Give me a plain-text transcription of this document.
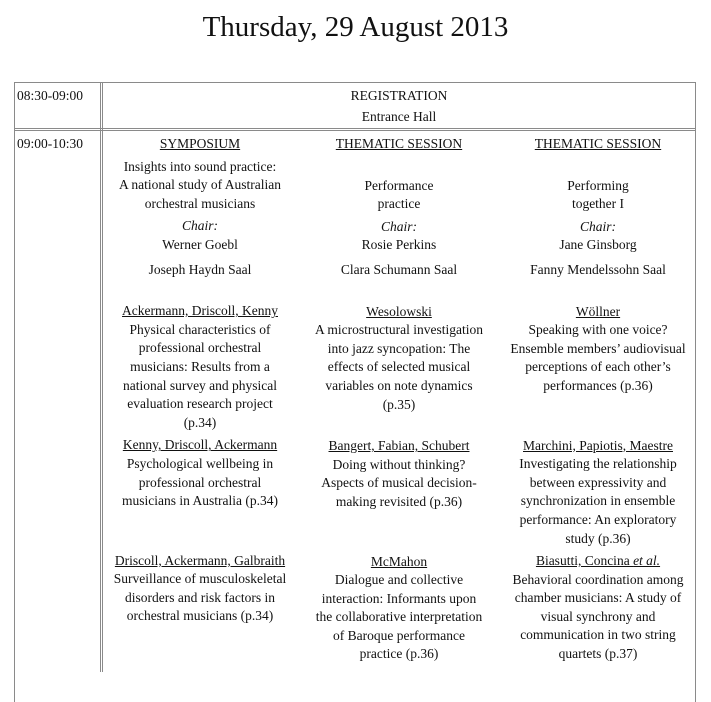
Thursday, 29 August 2013
08:30-09:00	REGISTRATION
Entrance Hall
09:00-10:30	SYMPOSIUM

Insights into sound practice:

A national study of Australian

orchestral musicians

Chair:

Werner Goebl

Joseph Haydn Saal

Ackermann, Driscoll, Kenny

Physical characteristics of

professional orchestral

musicians: Results from a

national survey and physical

evaluation research project

(p.34)

Kenny, Driscoll, Ackermann

Psychological wellbeing in

professional orchestral

musicians in Australia (p.34)

Driscoll, Ackermann, Galbraith

Surveillance of musculoskeletal

disorders and risk factors in

orchestral musicians (p.34)

THEMATIC SESSION

Performance

practice

Chair:

Rosie Perkins

Clara Schumann Saal

Wesolowski

A microstructural investigation

into jazz syncopation: The

effects of selected musical

variables on note dynamics

(p.35)

Bangert, Fabian, Schubert

Doing without thinking?

Aspects of musical decision-

making revisited (p.36)

McMahon

Dialogue and collective

interaction: Informants upon

the collaborative interpretation

of Baroque performance

practice (p.36)

THEMATIC SESSION

Performing

together I

Chair:

Jane Ginsborg

Fanny Mendelssohn Saal

Wöllner

Speaking with one voice?

Ensemble members’ audiovisual

perceptions of each other’s

performances (p.36)

Marchini, Papiotis, Maestre

Investigating the relationship

between expressivity and

synchronization in ensemble

performance: An exploratory

study (p.36)

Biasutti, Concina et al.

Behavioral coordination among

chamber musicians: A study of

visual synchrony and

communication in two string

quartets (p.37)
